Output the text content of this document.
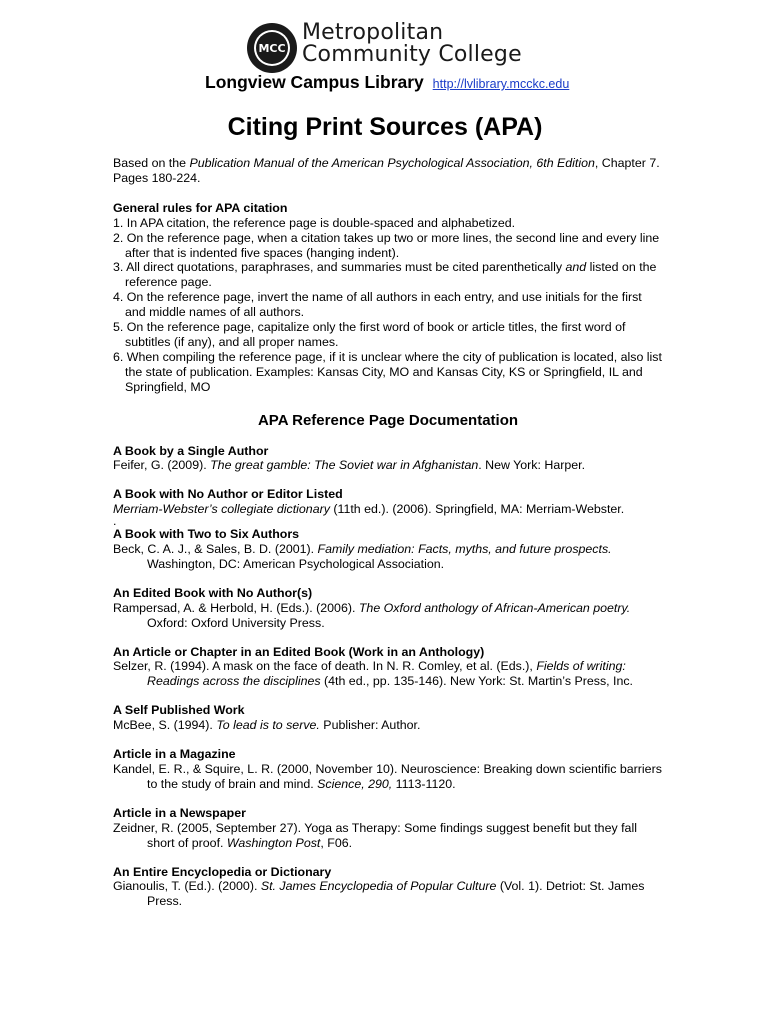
MCC
Metropolitan
Community College
Longview Campus Library http://lvlibrary.mcckc.edu
Citing Print Sources (APA)

Based on the Publication Manual of the American Psychological Association, 6th Edition, Chapter 7. Pages 180-224.

General rules for APA citation

1. In APA citation, the reference page is double-spaced and alphabetized.

2. On the reference page, when a citation takes up two or more lines, the second line and every line after that is indented five spaces (hanging indent).

3. All direct quotations, paraphrases, and summaries must be cited parenthetically and listed on the reference page.

4. On the reference page, invert the name of all authors in each entry, and use initials for the first and middle names of all authors.

5. On the reference page, capitalize only the first word of book or article titles, the first word of subtitles (if any), and all proper names.

6. When compiling the reference page, if it is unclear where the city of publication is located, also list the state of publication. Examples: Kansas City, MO and Kansas City, KS or Springfield, IL and Springfield, MO

APA Reference Page Documentation

A Book by a Single Author

Feifer, G. (2009). The great gamble: The Soviet war in Afghanistan. New York: Harper.

A Book with No Author or Editor Listed

Merriam-Webster’s collegiate dictionary (11th ed.). (2006). Springfield, MA: Merriam-Webster.

.

A Book with Two to Six Authors

Beck, C. A. J., & Sales, B. D. (2001). Family mediation: Facts, myths, and future prospects. Washington, DC: American Psychological Association.

An Edited Book with No Author(s)

Rampersad, A. & Herbold, H. (Eds.). (2006). The Oxford anthology of African-American poetry. Oxford: Oxford University Press.

An Article or Chapter in an Edited Book (Work in an Anthology)

Selzer, R. (1994). A mask on the face of death. In N. R. Comley, et al. (Eds.), Fields of writing: Readings across the disciplines (4th ed., pp. 135-146). New York: St. Martin’s Press, Inc.

A Self Published Work

McBee, S. (1994). To lead is to serve. Publisher: Author.

Article in a Magazine

Kandel, E. R., & Squire, L. R. (2000, November 10). Neuroscience: Breaking down scientific barriers to the study of brain and mind. Science, 290, 1113-1120.

Article in a Newspaper

Zeidner, R. (2005, September 27). Yoga as Therapy: Some findings suggest benefit but they fall short of proof. Washington Post, F06.

An Entire Encyclopedia or Dictionary

Gianoulis, T. (Ed.). (2000). St. James Encyclopedia of Popular Culture (Vol. 1). Detriot: St. James Press.
